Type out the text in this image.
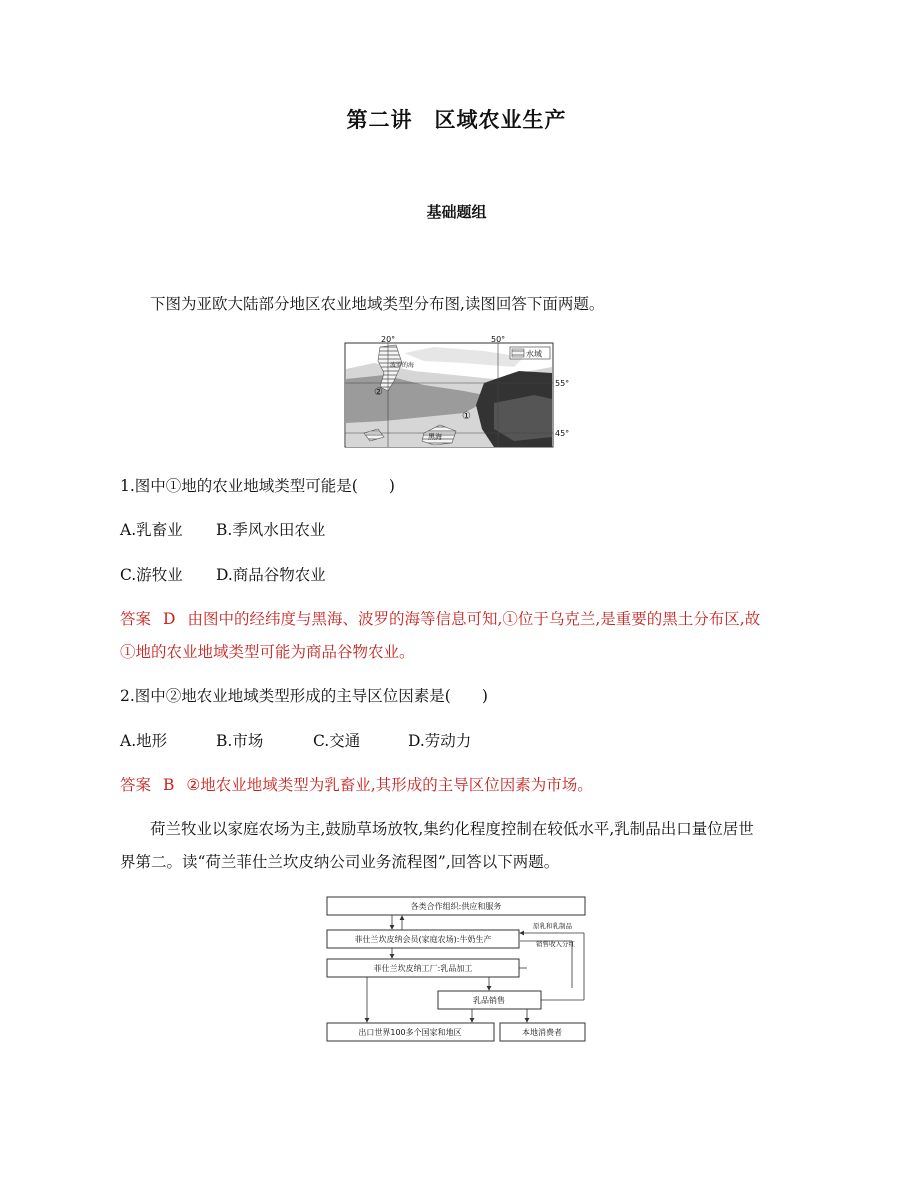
第二讲　区域农业生产
基础题组
下图为亚欧大陆部分地区农业地域类型分布图,读图回答下面两题。
水域
20°	50°
55°
45°
波罗的海
黑海
①
②
1.图中①地的农业地域类型可能是(　　)
A.乳畜业 B.季风水田农业
C.游牧业 D.商品谷物农业
答案 D 由图中的经纬度与黑海、波罗的海等信息可知,①位于乌克兰,是重要的黑土分布区,故
①地的农业地域类型可能为商品谷物农业。
2.图中②地农业地域类型形成的主导区位因素是(　　)
A.地形	B.市场	C.交通	D.劳动力
答案 B ②地农业地域类型为乳畜业,其形成的主导区位因素为市场。
荷兰牧业以家庭农场为主,鼓励草场放牧,集约化程度控制在较低水平,乳制品出口量位居世
界第二。读“荷兰菲仕兰坎皮纳公司业务流程图”,回答以下两题。
各类合作组织:供应和服务
菲仕兰坎皮纳会员(家庭农场):牛奶生产
菲仕兰坎皮纳工厂:乳品加工
乳品销售
出口世界100多个国家和地区	本地消费者
原乳和乳制品
销售收入分红
